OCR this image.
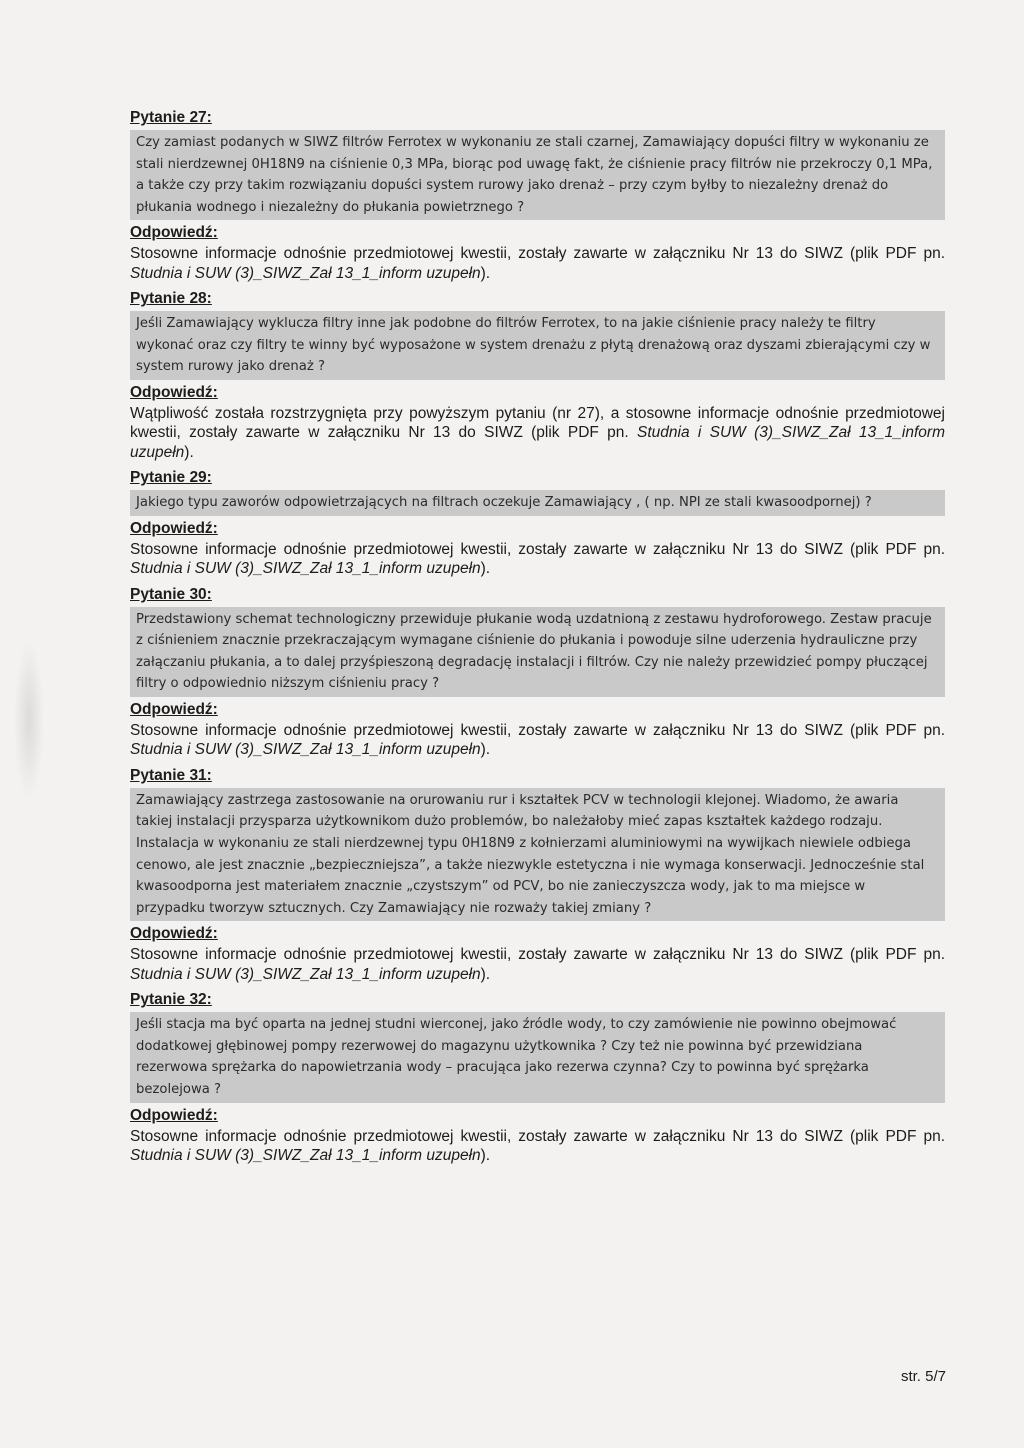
Pytanie 27:
Czy zamiast podanych w SIWZ filtrów Ferrotex w wykonaniu ze stali czarnej, Zamawiający dopuści filtry w wykonaniu ze stali nierdzewnej 0H18N9 na ciśnienie 0,3 MPa, biorąc pod uwagę fakt, że ciśnienie pracy filtrów nie przekroczy 0,1 MPa, a także czy przy takim rozwiązaniu dopuści system rurowy jako drenaż – przy czym byłby to niezależny drenaż do płukania wodnego i niezależny do płukania powietrznego ?
Odpowiedź:
Stosowne informacje odnośnie przedmiotowej kwestii, zostały zawarte w załączniku Nr 13 do SIWZ (plik PDF pn. Studnia i SUW (3)_SIWZ_Zał 13_1_inform uzupełn).
Pytanie 28:
Jeśli Zamawiający wyklucza filtry inne jak podobne do filtrów Ferrotex, to na jakie ciśnienie pracy należy te filtry wykonać oraz czy filtry te winny być wyposażone w system drenażu z płytą drenażową oraz dyszami zbierającymi czy w system rurowy jako drenaż ?
Odpowiedź:
Wątpliwość została rozstrzygnięta przy powyższym pytaniu (nr 27), a stosowne informacje odnośnie przedmiotowej kwestii, zostały zawarte w załączniku Nr 13 do SIWZ (plik PDF pn. Studnia i SUW (3)_SIWZ_Zał 13_1_inform uzupełn).
Pytanie 29:
Jakiego typu zaworów odpowietrzających na filtrach oczekuje Zamawiający , ( np. NPI ze stali kwasoodpornej) ?
Odpowiedź:
Stosowne informacje odnośnie przedmiotowej kwestii, zostały zawarte w załączniku Nr 13 do SIWZ (plik PDF pn. Studnia i SUW (3)_SIWZ_Zał 13_1_inform uzupełn).
Pytanie 30:
Przedstawiony schemat technologiczny przewiduje płukanie wodą uzdatnioną z zestawu hydroforowego. Zestaw pracuje z ciśnieniem znacznie przekraczającym wymagane ciśnienie do płukania i powoduje silne uderzenia hydrauliczne przy załączaniu płukania, a to dalej przyśpieszoną degradację instalacji i filtrów. Czy nie należy przewidzieć pompy płuczącej filtry o odpowiednio niższym ciśnieniu pracy ?
Odpowiedź:
Stosowne informacje odnośnie przedmiotowej kwestii, zostały zawarte w załączniku Nr 13 do SIWZ (plik PDF pn. Studnia i SUW (3)_SIWZ_Zał 13_1_inform uzupełn).
Pytanie 31:
Zamawiający zastrzega zastosowanie na orurowaniu rur i kształtek PCV w technologii klejonej. Wiadomo, że awaria takiej instalacji przysparza użytkownikom dużo problemów, bo należałoby mieć zapas kształtek każdego rodzaju. Instalacja w wykonaniu ze stali nierdzewnej typu 0H18N9 z kołnierzami aluminiowymi na wywijkach niewiele odbiega cenowo, ale jest znacznie „bezpieczniejsza”, a także niezwykle estetyczna i nie wymaga konserwacji. Jednocześnie stal kwasoodporna jest materiałem znacznie „czystszym” od PCV, bo nie zanieczyszcza wody, jak to ma miejsce w przypadku tworzyw sztucznych. Czy Zamawiający nie rozważy takiej zmiany ?
Odpowiedź:
Stosowne informacje odnośnie przedmiotowej kwestii, zostały zawarte w załączniku Nr 13 do SIWZ (plik PDF pn. Studnia i SUW (3)_SIWZ_Zał 13_1_inform uzupełn).
Pytanie 32:
Jeśli stacja ma być oparta na jednej studni wierconej, jako źródle wody, to czy zamówienie nie powinno obejmować dodatkowej głębinowej pompy rezerwowej do magazynu użytkownika ? Czy też nie powinna być przewidziana rezerwowa sprężarka do napowietrzania wody – pracująca jako rezerwa czynna? Czy to powinna być sprężarka bezolejowa ?
Odpowiedź:
Stosowne informacje odnośnie przedmiotowej kwestii, zostały zawarte w załączniku Nr 13 do SIWZ (plik PDF pn. Studnia i SUW (3)_SIWZ_Zał 13_1_inform uzupełn).
str. 5/7
